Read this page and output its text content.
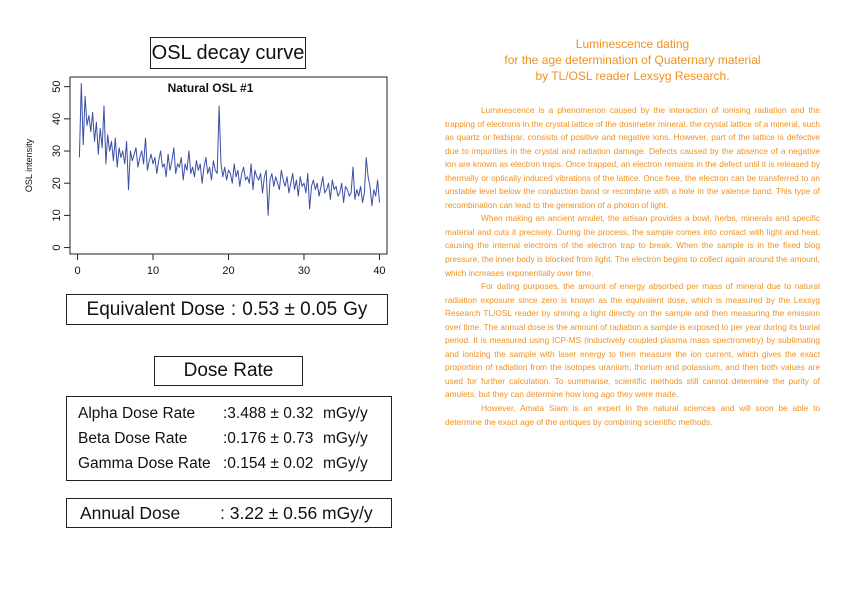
OSL decay curve
0	10	20	30	40
0
10
20
30
40
50
OSL intensity
Natural OSL #1
Equivalent Dose : 0.53 ± 0.05 Gy
Dose Rate
Alpha Dose Rate :3.488 ± 0.32 mGy/y
Beta Dose Rate :0.176 ± 0.73 mGy/y
Gamma Dose Rate :0.154 ± 0.02 mGy/y
Annual Dose : 3.22 ± 0.56 mGy/y
Luminescence dating
for the age determination of Quaternary material
by TL/OSL reader Lexsyg Research.

Luminescence is a phenomenon caused by the interaction of ionising radiation and the trapping of electrons in the crystal lattice of the dosimeter mineral. the crystal lattice of a mineral, such as quartz or feldspar, consists of positive and negative ions. However, part of the lattice is defective due to impurities in the crystal and radiation damage. Defects caused by the absence of a negative ion are known as electron traps. Once trapped, an electron remains in the defect until it is released by thermally or optically induced vibrations of the lattice. Once free, the electron can be transferred to an unstable level below the conduction band or recombine with a hole in the valence band. This type of recombination can lead to the generation of a photon of light.

When making an ancient amulet, the artisan provides a bowl, herbs, minerals and specific material and cuts it precisely. During the process, the sample comes into contact with light and heat, causing the internal electrons of the electron trap to break. When the sample is in the fixed blog pressure, the inner body is blocked from light. The electron begins to collect again around the amount, which increases exponentially over time.

For dating purposes, the amount of energy absorbed per mass of mineral due to natural radiation exposure since zero is known as the equivalent dose, which is measured by the Lexsyg Research TL/OSL reader by shining a light directly on the sample and then measuring the emission over time. The annual dose is the amount of radiation a sample is exposed to per year during its burial period. It is measured using ICP-MS (inductively coupled plasma mass spectrometry) by sublimating and ionizing the sample with laser energy to then measure the ion current, which gives the exact proportion of radiation from the isotopes uranium, thorium and potassium, and then both values are used for further calculation. To summarise, scientific methods still cannot determine the purity of amulets, but they can determine how long ago they were made.

However, Amata Siam is an expert in the natural sciences and will soon be able to determine the exact age of the antiques by combining scientific methods.
